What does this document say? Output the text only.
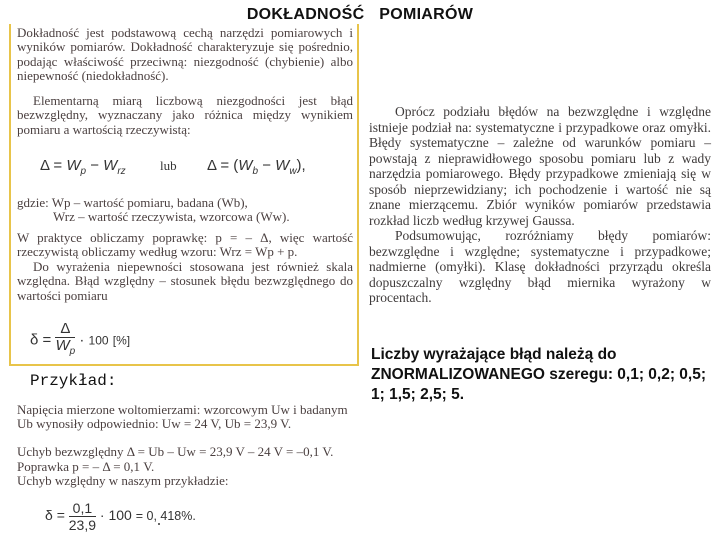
DOKŁADNOŚĆ POMIARÓW
Dokładność jest podstawową cechą narzędzi pomiarowych i wyników pomiarów. Dokładność charakteryzuje się pośrednio, podając właściwość przeciwną: niezgodność (chybienie) albo niepewność (niedokładność).
Elementarną miarą liczbową niezgodności jest błąd bezwzględny, wyznaczany jako różnica między wynikiem pomiaru a wartością rzeczywistą:
$\Delta = W_p - W_{rz}$	lub $\Delta = (W_b - W_w)$,
gdzie: Wp – wartość pomiaru, badana (Wb),
Wrz – wartość rzeczywista, wzorcowa (Ww).
W praktyce obliczamy poprawkę: p = – Δ, więc wartość rzeczywistą obliczamy według wzoru: Wrz = Wp + p.
Do wyrażenia niepewności stosowana jest również skala względna. Błąd względny – stosunek błędu bezwzględnego do wartości pomiaru
$\delta = \frac{\Delta}{W_p} \cdot 100$ [%]
Przykład:
Napięcia mierzone woltomierzami: wzorcowym Uw i badanym Ub wynosiły odpowiednio: Uw = 24 V, Ub = 23,9 V.
Uchyb bezwzględny Δ = Ub – Uw = 23,9 V – 24 V = –0,1 V.
Poprawka p = – Δ = 0,1 V.
Uchyb względny w naszym przykładzie:
$\delta = \frac{0,1}{23,9} \cdot 100 = 0$, 418%.
Oprócz podziału błędów na bezwzględne i względne istnieje podział na: systematyczne i przypadkowe oraz omyłki. Błędy systematyczne – zależne od warunków pomiaru – powstają z nieprawidłowego sposobu pomiaru lub z wady narzędzia pomiarowego. Błędy przypadkowe zmieniają się w sposób nieprzewidziany; ich pochodzenie i wartość nie są znane mierzącemu. Zbiór wyników pomiarów przedstawia rozkład liczb według krzywej Gaussa.
Podsumowując, rozróżniamy błędy pomiarów: bezwzględne i względne; systematyczne i przypadkowe; nadmierne (omyłki). Klasę dokładności przyrządu określa dopuszczalny względny błąd miernika wyrażony w procentach.
Liczby wyrażające błąd należą do ZNORMALIZOWANEGO szeregu: 0,1; 0,2; 0,5; 1; 1,5; 2,5; 5.
